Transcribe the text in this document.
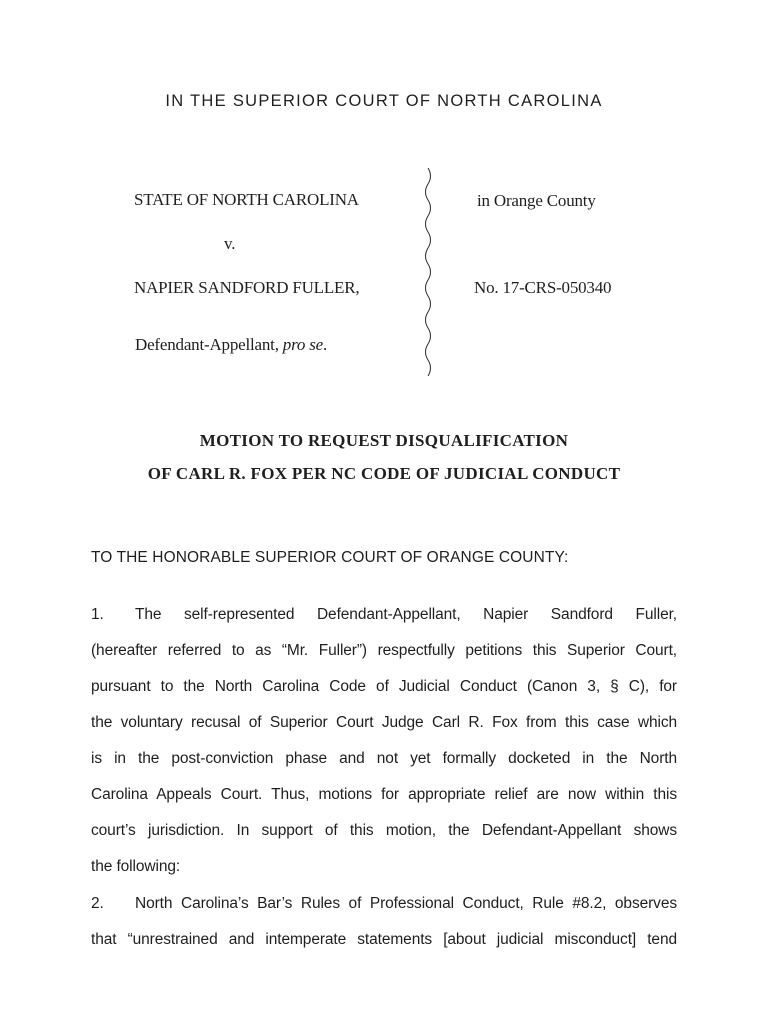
IN THE SUPERIOR COURT OF NORTH CAROLINA
STATE OF NORTH CAROLINA
v.
NAPIER SANDFORD FULLER,
Defendant-Appellant, pro se.
in Orange County
No. 17-CRS-050340
MOTION TO REQUEST DISQUALIFICATION
OF CARL R. FOX PER NC CODE OF JUDICIAL CONDUCT
TO THE HONORABLE SUPERIOR COURT OF ORANGE COUNTY:
1. The self-represented Defendant-Appellant, Napier Sandford Fuller,
(hereafter referred to as “Mr. Fuller”) respectfully petitions this Superior Court,
pursuant to the North Carolina Code of Judicial Conduct (Canon 3, § C), for
the voluntary recusal of Superior Court Judge Carl R. Fox from this case which
is in the post-conviction phase and not yet formally docketed in the North
Carolina Appeals Court. Thus, motions for appropriate relief are now within this
court’s jurisdiction. In support of this motion, the Defendant-Appellant shows
the following:
2. North Carolina’s Bar’s Rules of Professional Conduct, Rule #8.2, observes
that “unrestrained and intemperate statements [about judicial misconduct] tend
